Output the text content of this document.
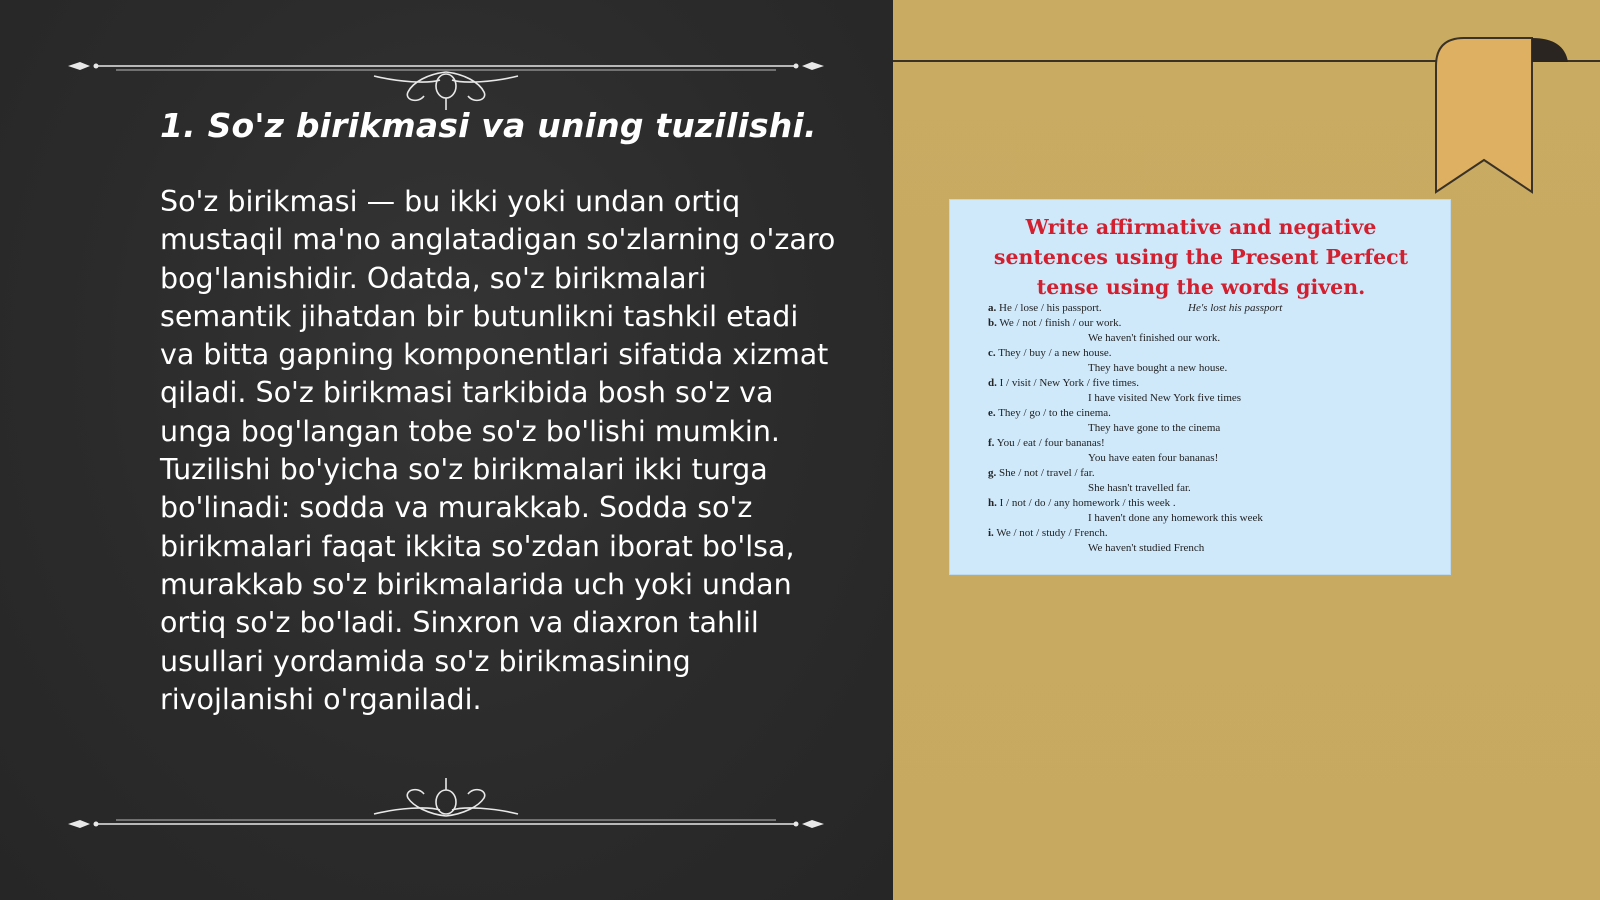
1. So'z birikmasi va uning tuzilishi.

So'z birikmasi — bu ikki yoki undan ortiq mustaqil ma'no anglatadigan so'zlarning o'zaro bog'lanishidir. Odatda, so'z birikmalari semantik jihatdan bir butunlikni tashkil etadi va bitta gapning komponentlari sifatida xizmat qiladi. So'z birikmasi tarkibida bosh so'z va unga bog'langan tobe so'z bo'lishi mumkin. Tuzilishi bo'yicha so'z birikmalari ikki turga bo'linadi: sodda va murakkab. Sodda so'z birikmalari faqat ikkita so'zdan iborat bo'lsa, murakkab so'z birikmalarida uch yoki undan ortiq so'z bo'ladi. Sinxron va diaxron tahlil usullari yordamida so'z birikmasining rivojlanishi o'rganiladi.

Write affirmative and negative sentences using the Present Perfect tense using the words given.

a. He / lose / his passport.	He's lost his passport
b. We / not / finish / our work.
We haven't finished our work.
c. They / buy / a new house.
They have bought a new house.
d. I / visit / New York / five times.
I have visited New York five times
e. They / go / to the cinema.
They have gone to the cinema
f. You / eat / four bananas!
You have eaten four bananas!
g. She / not / travel / far.
She hasn't travelled far.
h. I / not / do / any homework / this week .
I haven't done any homework this week
i. We / not / study / French.
We haven't studied French
